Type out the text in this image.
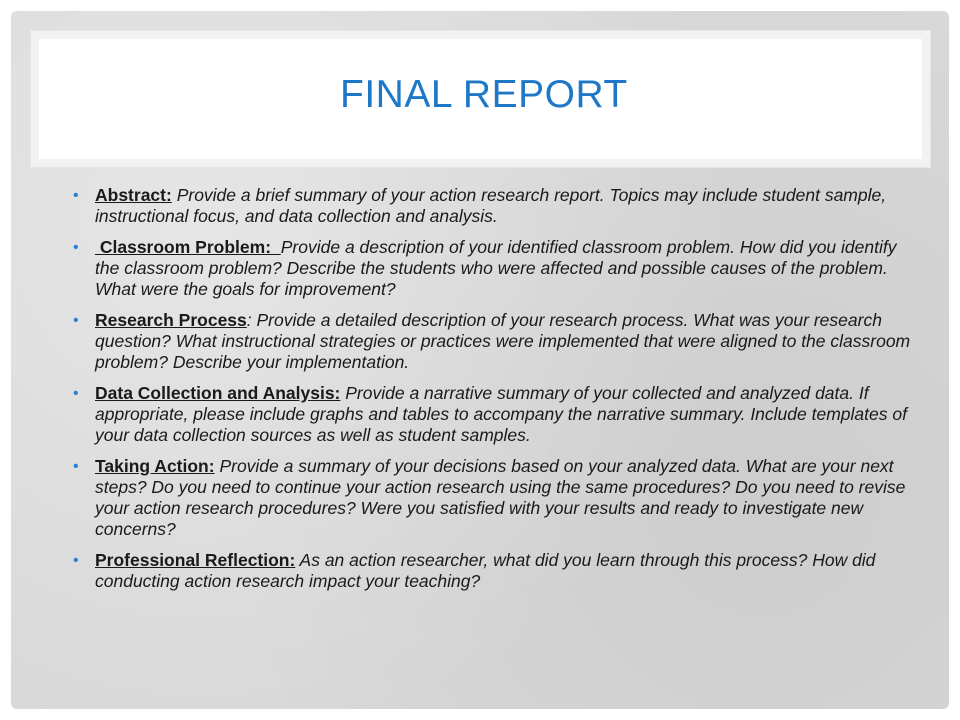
FINAL REPORT
• Abstract: Provide a brief summary of your action research report. Topics may include student sample, instructional focus, and data collection and analysis.
• Classroom Problem:  Provide a description of your identified classroom problem. How did you identify the classroom problem? Describe the students who were affected and possible causes of the problem. What were the goals for improvement?
• Research Process: Provide a detailed description of your research process. What was your research question? What instructional strategies or practices were implemented that were aligned to the classroom problem? Describe your implementation.
• Data Collection and Analysis: Provide a narrative summary of your collected and analyzed data. If appropriate, please include graphs and tables to accompany the narrative summary. Include templates of your data collection sources as well as student samples.
• Taking Action: Provide a summary of your decisions based on your analyzed data. What are your next steps? Do you need to continue your action research using the same procedures? Do you need to revise your action research procedures? Were you satisfied with your results and ready to investigate new concerns?
• Professional Reflection: As an action researcher, what did you learn through this process? How did conducting action research impact your teaching?
